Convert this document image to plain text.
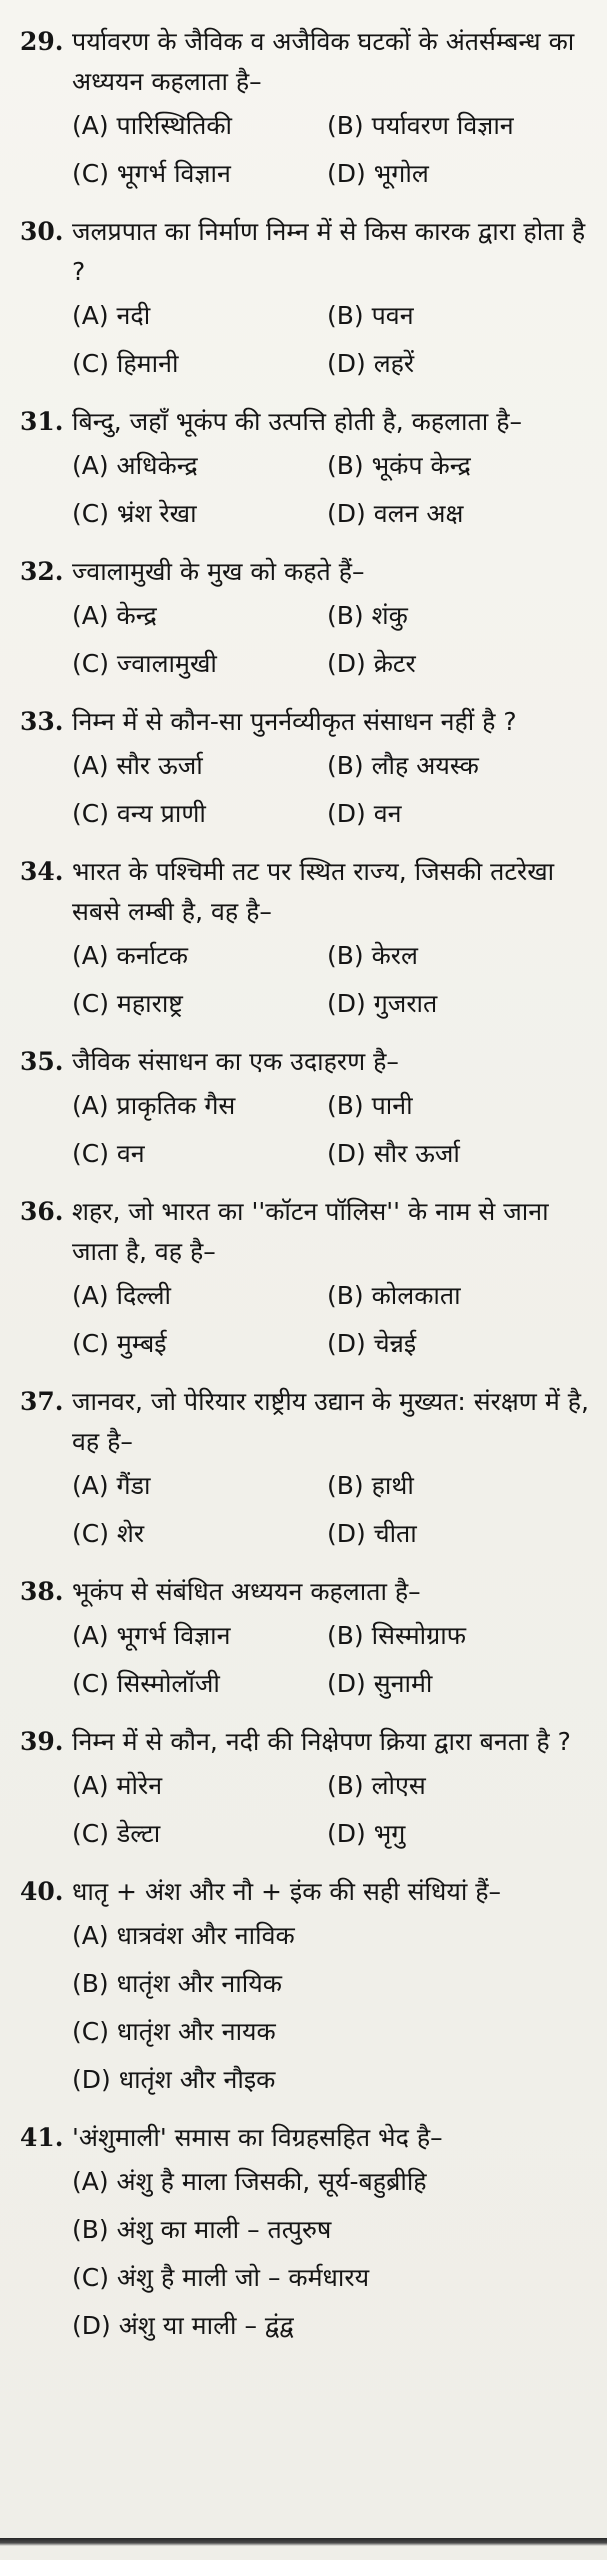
29. पर्यावरण के जैविक व अजैविक घटकों के अंतर्सम्बन्ध का अध्ययन कहलाता है–
(A) पारिस्थितिकी	(B) पर्यावरण विज्ञान
(C) भूगर्भ विज्ञान	(D) भूगोल
30. जलप्रपात का निर्माण निम्न में से किस कारक द्वारा होता है ?
(A) नदी	(B) पवन
(C) हिमानी	(D) लहरें
31. बिन्दु, जहाँ भूकंप की उत्पत्ति होती है, कहलाता है–
(A) अधिकेन्द्र	(B) भूकंप केन्द्र
(C) भ्रंश रेखा	(D) वलन अक्ष
32. ज्वालामुखी के मुख को कहते हैं–
(A) केन्द्र	(B) शंकु
(C) ज्वालामुखी	(D) क्रेटर
33. निम्न में से कौन-सा पुनर्नव्यीकृत संसाधन नहीं है ?
(A) सौर ऊर्जा	(B) लौह अयस्क
(C) वन्य प्राणी	(D) वन
34. भारत के पश्चिमी तट पर स्थित राज्य, जिसकी तटरेखा सबसे लम्बी है, वह है–
(A) कर्नाटक	(B) केरल
(C) महाराष्ट्र	(D) गुजरात
35. जैविक संसाधन का एक उदाहरण है–
(A) प्राकृतिक गैस	(B) पानी
(C) वन	(D) सौर ऊर्जा
36. शहर, जो भारत का ''कॉटन पॉलिस'' के नाम से जाना जाता है, वह है–
(A) दिल्ली	(B) कोलकाता
(C) मुम्बई	(D) चेन्नई
37. जानवर, जो पेरियार राष्ट्रीय उद्यान के मुख्यत: संरक्षण में है, वह है–
(A) गैंडा	(B) हाथी
(C) शेर	(D) चीता
38. भूकंप से संबंधित अध्ययन कहलाता है–
(A) भूगर्भ विज्ञान	(B) सिस्मोग्राफ
(C) सिस्मोलॉजी	(D) सुनामी
39. निम्न में से कौन, नदी की निक्षेपण क्रिया द्वारा बनता है ?
(A) मोरेन	(B) लोएस
(C) डेल्टा	(D) भृगु
40. धातृ + अंश और नौ + इंक की सही संधियां हैं–
(A) धात्रवंश और नाविक
(B) धातृंश और नायिक
(C) धातृंश और नायक
(D) धातृंश और नौइक
41. 'अंशुमाली' समास का विग्रहसहित भेद है–
(A) अंशु है माला जिसकी, सूर्य-बहुब्रीहि
(B) अंशु का माली – तत्पुरुष
(C) अंशु है माली जो – कर्मधारय
(D) अंशु या माली – द्वंद्व
